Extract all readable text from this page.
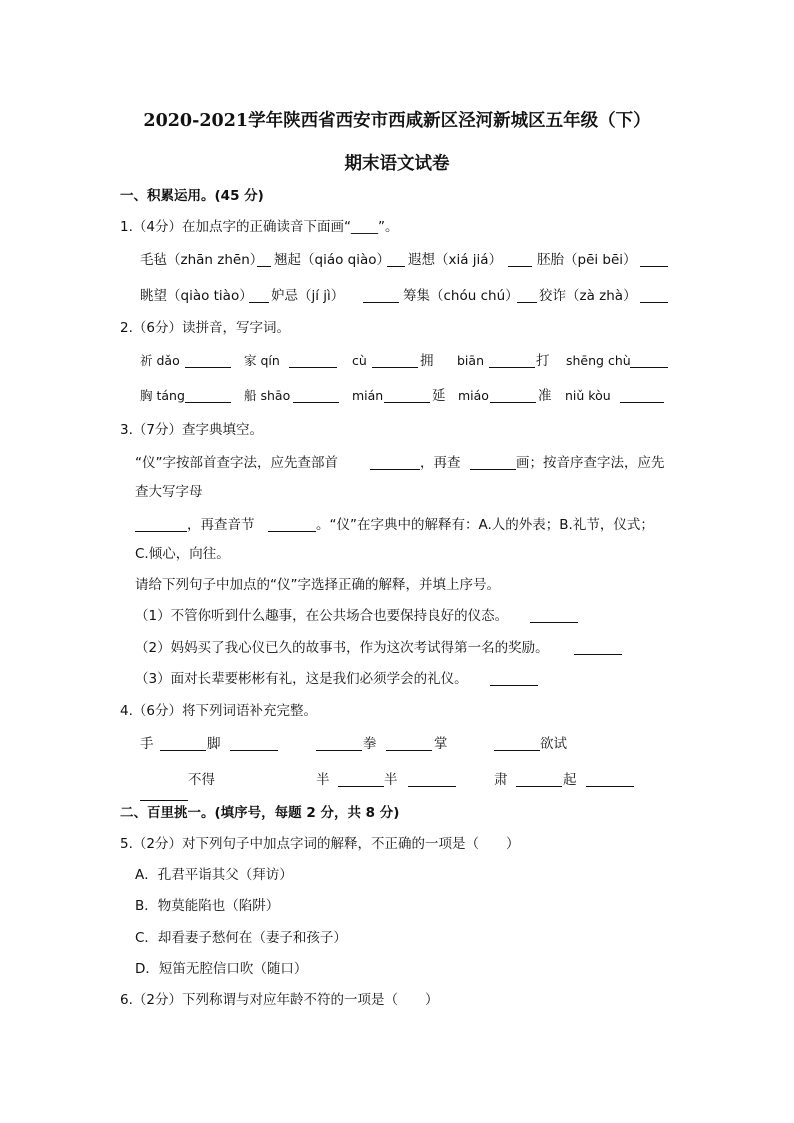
2020-2021学年陕西省西安市西咸新区泾河新城区五年级（下）
期末语文试卷
一、积累运用。(45 分)
1.（4分）在加点字的正确读音下面画“____”。
毛毡（zhān zhēn） 翘起（qiáo qiào） 遐想（xiá jiá）	胚胎（pēi bēi）
眺望（qiào tiào） 妒忌（jí jì）	筹集（chóu chú） 狡诈（zà zhà）
2.（6分）读拼音，写字词。
祈 dǎo	家 qín	cù	拥 biān	打 shēng chù
胸 táng	船 shāo	mián	延 miáo	准 niǔ kòu
3.（7分）查字典填空。
“仪”字按部首查字法，应先查部首	，再查	画；按音序查字法，应先
查大写字母
，再查音节	。“仪”在字典中的解释有：A.人的外表；B.礼节，仪式；
C.倾心，向往。
请给下列句子中加点的“仪”字选择正确的解释，并填上序号。
（1）不管你听到什么趣事，在公共场合也要保持良好的仪态。
（2）妈妈买了我心仪已久的故事书，作为这次考试得第一名的奖励。
（3）面对长辈要彬彬有礼，这是我们必须学会的礼仪。
4.（6分）将下列词语补充完整。
手	脚	拳	掌	欲试
不得	半	半	肃	起
二、百里挑一。(填序号，每题 2 分，共 8 分)
5.（2分）对下列句子中加点字词的解释，不正确的一项是（　　）
A．孔君平诣其父（拜访）
B．物莫能陷也（陷阱）
C．却看妻子愁何在（妻子和孩子）
D．短笛无腔信口吹（随口）
6.（2分）下列称谓与对应年龄不符的一项是（　　）
